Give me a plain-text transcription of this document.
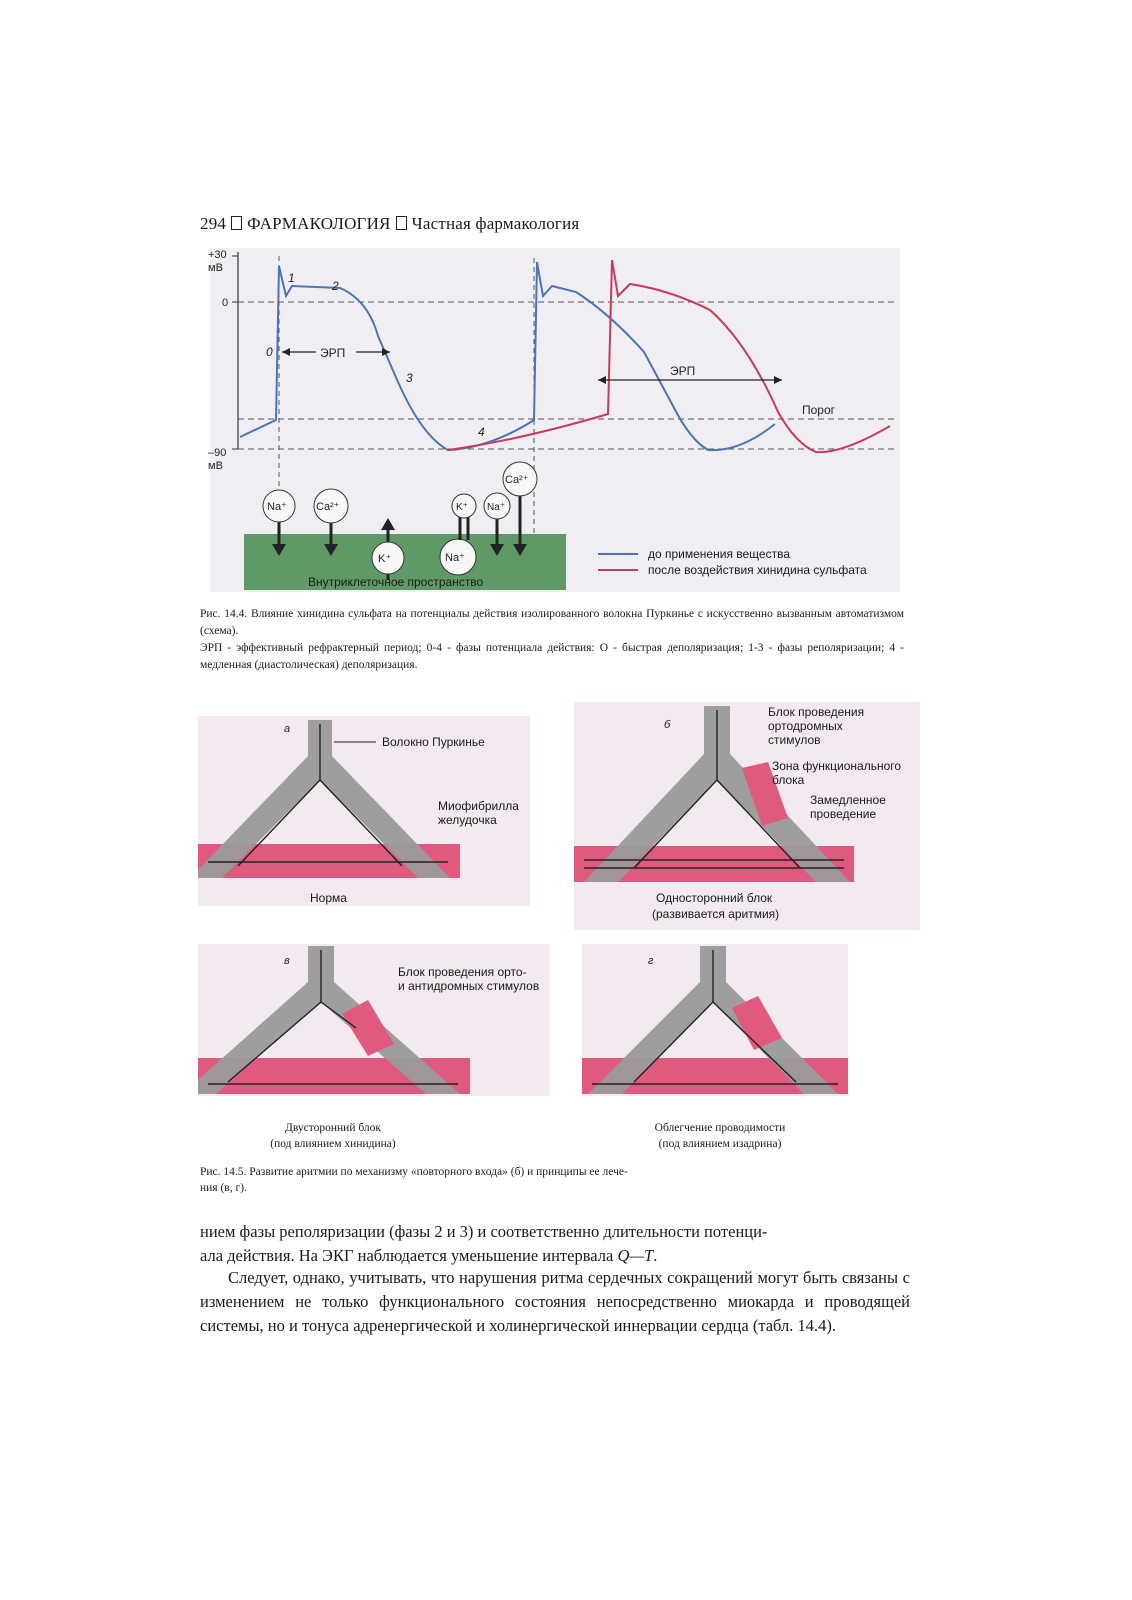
294 ФАРМАКОЛОГИЯ Частная фармакология
+30
мВ
0
–90
мВ
0
1
2
3
4
ЭРП
ЭРП
Порог
Внутриклеточное пространство
Na⁺	Ca²⁺
K⁺	Na⁺
K⁺ Na⁺
Ca²⁺
до применения вещества
после воздействия хинидина сульфата
Рис. 14.4. Влияние хинидина сульфата на потенциалы действия изолированного волокна Пуркинье с искусственно вызванным автоматизмом (схема).
ЭРП - эффективный рефрактерный период; 0-4 - фазы потенциала действия: О - быстрая деполяризация; 1-3 - фазы реполяризации; 4 - медленная (диастолическая) деполяризация.
а
Волокно Пуркинье
Миофибрилла
желудочка
Норма
б
Блок проведения
ортодромных
стимулов
Зона функционального
блока
Замедленное
проведение
Односторонний блок
(развивается аритмия)
в
Блок проведения орто-
и антидромных стимулов
г
Двусторонний блок
(под влиянием хинидина)
Облегчение проводимости
(под влиянием изадрина)
Рис. 14.5. Развитие аритмии по механизму «повторного входа» (б) и принципы ее лече-
ния (в, г).
нием фазы реполяризации (фазы 2 и 3) и соответственно длительности потенци-
ала действия. На ЭКГ наблюдается уменьшение интервала Q—T.
Следует, однако, учитывать, что нарушения ритма сердечных сокращений могут быть связаны с изменением не только функционального состояния непосредственно миокарда и проводящей системы, но и тонуса адренергической и холинергической иннервации сердца (табл. 14.4).
